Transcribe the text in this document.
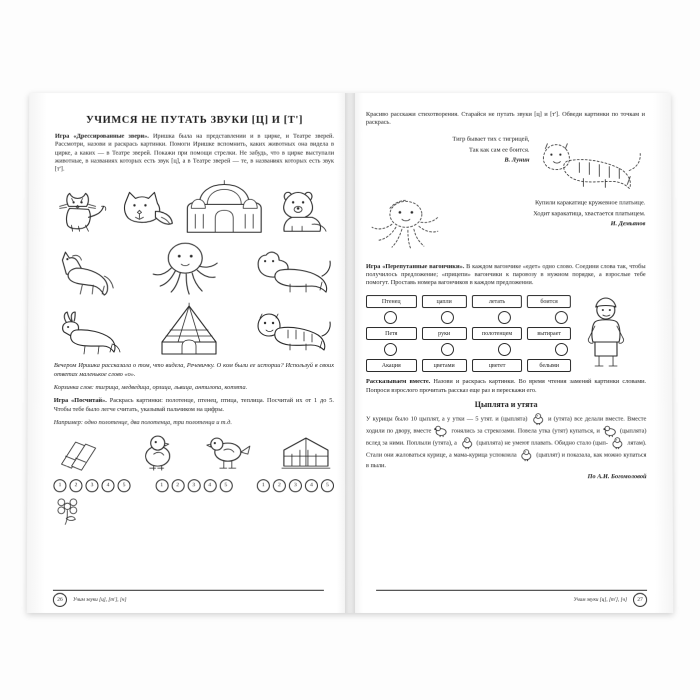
УЧИМСЯ НЕ ПУТАТЬ ЗВУКИ [Ц] И [Т']

Игра «Дрессированные звери». Иришка была на представлении и в цирке, и Театре зверей. Рассмотри, назови и раскрась картинки. Помоги Иришке вспомнить, каких животных она видела в цирке, а каких — в Театре зверей. Покажи при помощи стрелки. Не забудь, что в цирке выступали животные, в названиях которых есть звук [ц], а в Театре зверей — те, в названиях которых есть звук [т'].

Вечером Иришка рассказала о том, что видела, Речевичку. О ком были ее истории? Используй в своих ответах маленькое слово «о».

Корзинка слов: тигрица, медведица, орлица, львица, антилопа, котята.

Игра «Посчитай». Раскрась картинки: полотенце, птенец, птица, теплица. Посчитай их от 1 до 5. Чтобы тебе было легче считать, указывай пальчиком на цифры.

Например: одно полотенце, два полотенца, три полотенца и т.д.

1	2	3	4	5	1	2	3	4	5	1	2	3	4	5
26	Учим звуки [ц], [т'], [ч]

Красиво расскажи стихотворения. Старайся не путать звуки [ц] и [т']. Обведи картинки по точкам и раскрась.

Тигр бывает тих с тигрицей,
Так как сам ее боится.
В. Лунин
Купили каракатице кружевное платьице.
Ходит каракатица, хвастается платьицем.
И. Демьянов

Игра «Перепутанные вагончики». В каждом вагончике «едет» одно слово. Соедини слова так, чтобы получилось предложение; «прицепи» вагончики к паровозу в нужном порядке, а взрослые тебе помогут. Проставь номера вагончиков в каждом предложении.

Птенец	цапли	летать	боится
Петя	руки	полотенцем	вытирает
Акация	цветами	цветет	белыми

Рассказываем вместе. Назови и раскрась картинки. Во время чтения заменяй картинки словами. Попроси взрослого прочитать рассказ еще раз и перескажи его.

Цыплята и утята
У курицы было 10 цыплят, а у утки — 5 утят. и (цыплята)	и (утята) все делали вместе. Вместе ходили по двору, вместе	гонялись за стрекозами. Повела утка (утят) купаться, и	(цыплята) вслед за ними. Поплыли (утята), а	(цыплята) не умеют плавать. Обидно стало (цып-	лятам). Стали они жаловаться курице, а мама-курица успокоила	(цыплят) и показала, как можно купаться в пыли.
По А.И. Богомоловой
Учим звуки [ц], [т'], [ч]	27
